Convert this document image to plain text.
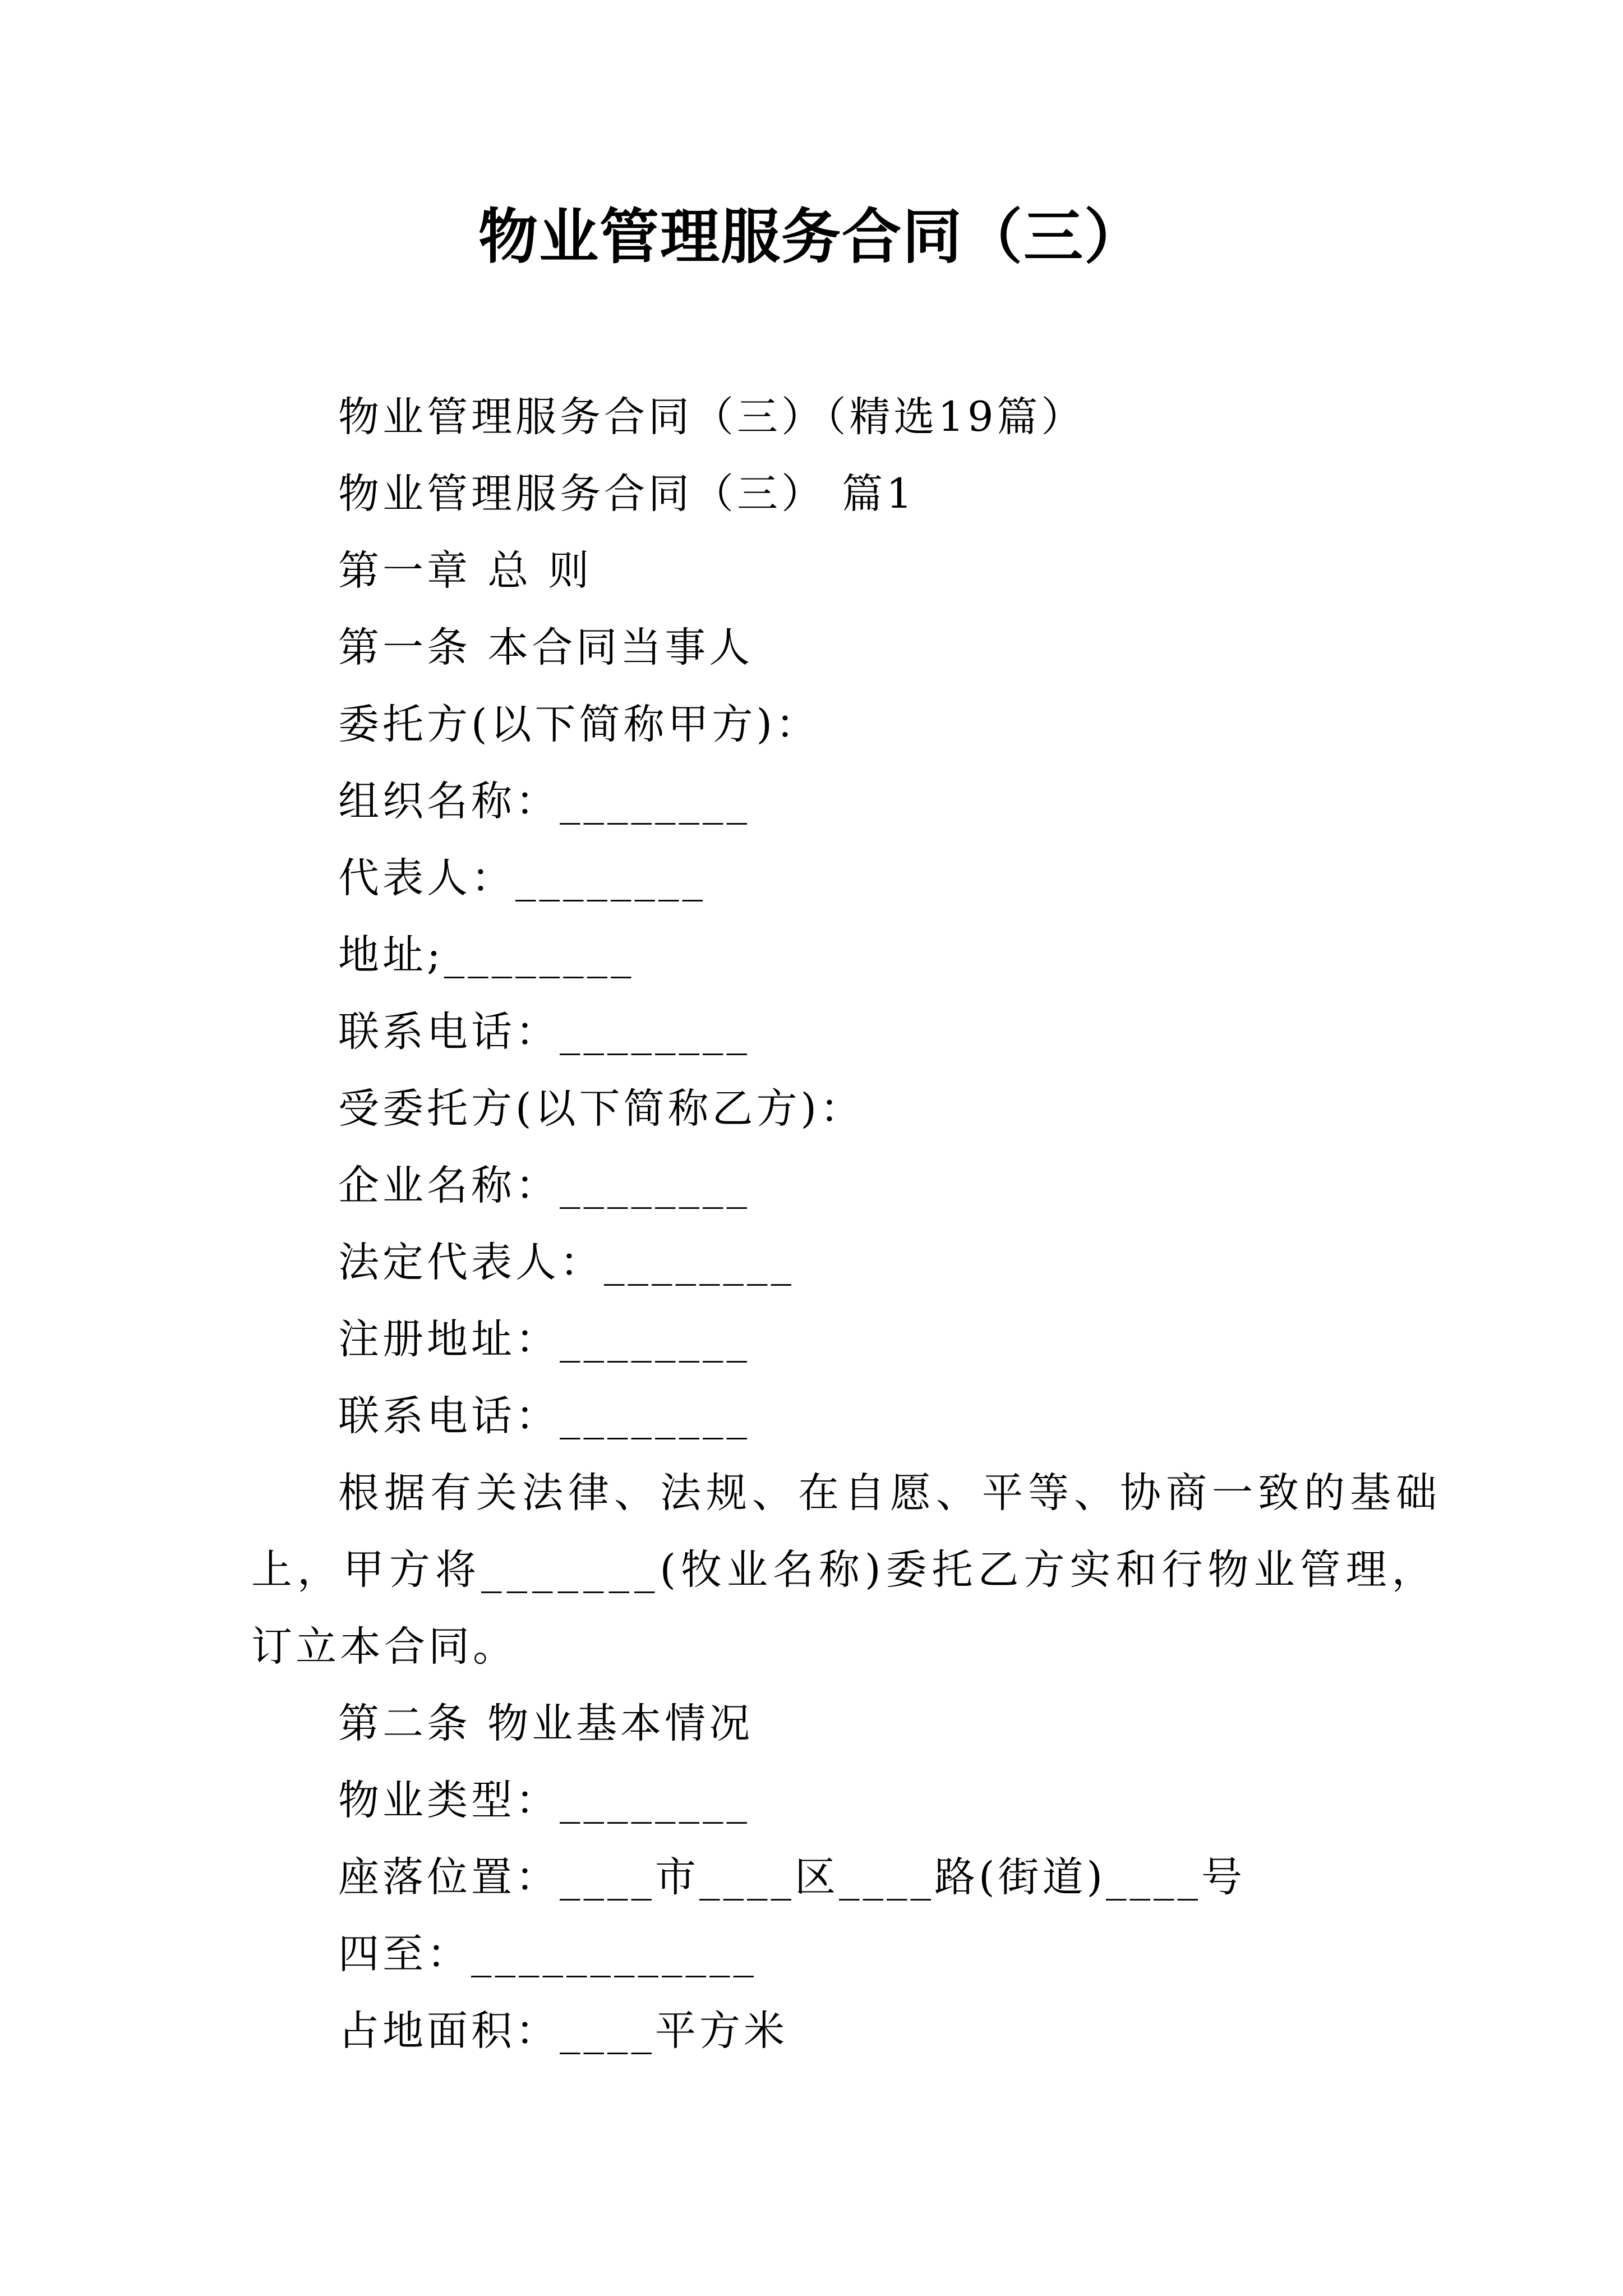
物业管理服务合同（三）
物业管理服务合同（三）（精选19篇）
物业管理服务合同（三） 篇1
第一章 总 则
第一条 本合同当事人
委托方(以下简称甲方)：
组织名称：________
代表人：________
地址;________
联系电话：________
受委托方(以下简称乙方)：
企业名称：________
法定代表人：________
注册地址：________
联系电话：________
根据有关法律、法规、在自愿、平等、协商一致的基础
上，甲方将_______(牧业名称)委托乙方实和行物业管理，
订立本合同。
第二条 物业基本情况
物业类型：________
座落位置：____市____区____路(街道)____号
四至：____________
占地面积：____平方米
